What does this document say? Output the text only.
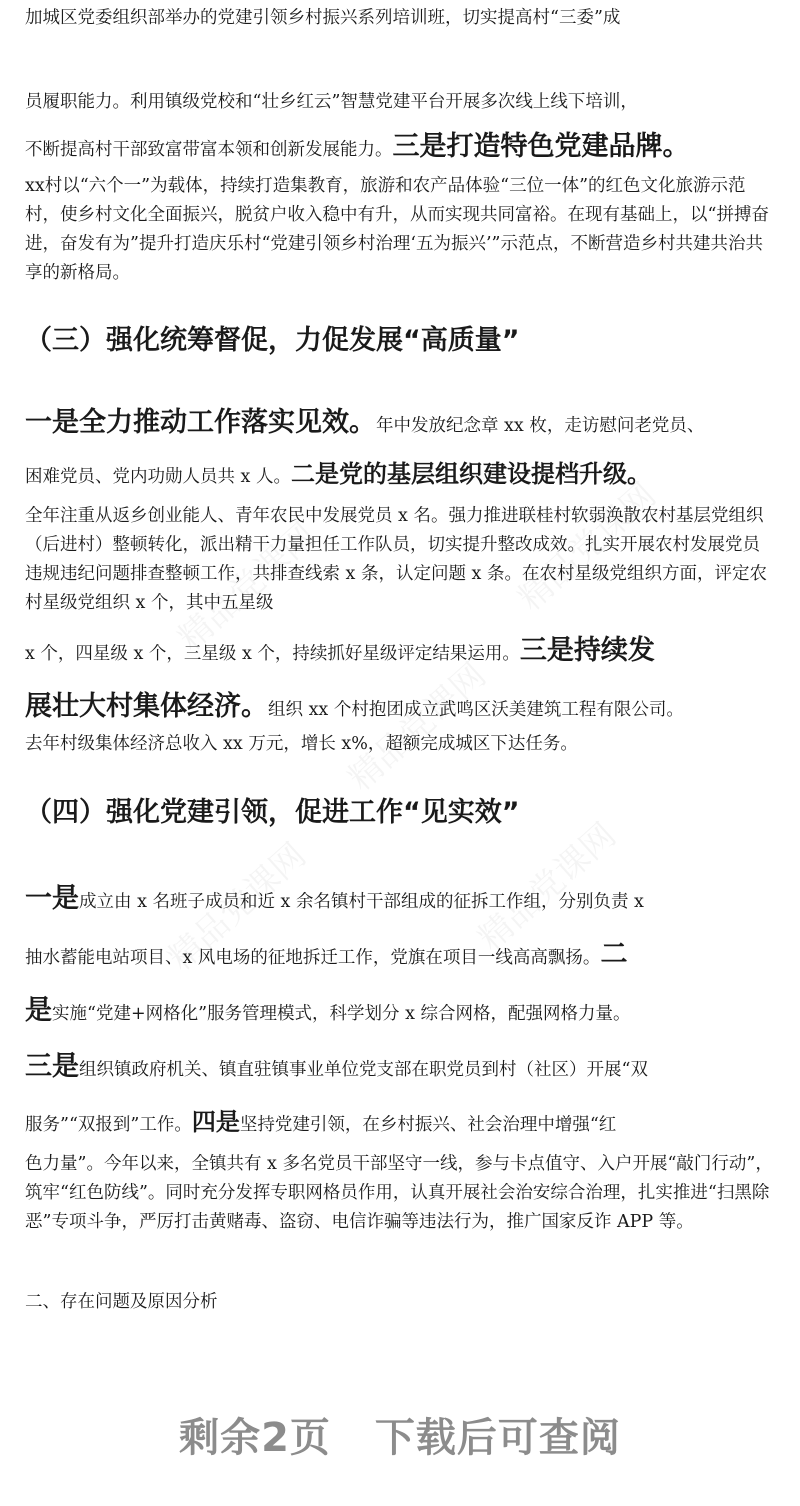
加城区党委组织部举办的党建引领乡村振兴系列培训班，切实提高村“三委”成

员履职能力。利用镇级党校和“壮乡红云”智慧党建平台开展多次线上线下培训，

不断提高村干部致富带富本领和创新发展能力。三是打造特色党建品牌。

xx村以“六个一”为载体，持续打造集教育，旅游和农产品体验“三位一体”的红色文化旅游示范村，使乡村文化全面振兴，脱贫户收入稳中有升，从而实现共同富裕。在现有基础上，以“拼搏奋进，奋发有为”提升打造庆乐村“党建引领乡村治理‘五为振兴’”示范点，不断营造乡村共建共治共享的新格局。

（三）强化统筹督促，力促发展“高质量”

一是全力推动工作落实见效。年中发放纪念章 xx 枚，走访慰问老党员、

困难党员、党内功勋人员共 x 人。二是党的基层组织建设提档升级。

全年注重从返乡创业能人、青年农民中发展党员 x 名。强力推进联桂村软弱涣散农村基层党组织（后进村）整顿转化，派出精干力量担任工作队员，切实提升整改成效。扎实开展农村发展党员违规违纪问题排查整顿工作，共排查线索 x 条，认定问题 x 条。在农村星级党组织方面，评定农村星级党组织 x 个，其中五星级

x 个，四星级 x 个，三星级 x 个，持续抓好星级评定结果运用。三是持续发

展壮大村集体经济。组织 xx 个村抱团成立武鸣区沃美建筑工程有限公司。

去年村级集体经济总收入 xx 万元，增长 x%，超额完成城区下达任务。

（四）强化党建引领，促进工作“见实效”

一是成立由 x 名班子成员和近 x 余名镇村干部组成的征拆工作组，分别负责 x

抽水蓄能电站项目、x 风电场的征地拆迁工作，党旗在项目一线高高飘扬。二

是实施“党建+网格化”服务管理模式，科学划分 x 综合网格，配强网格力量。

三是组织镇政府机关、镇直驻镇事业单位党支部在职党员到村（社区）开展“双

服务”“双报到”工作。四是坚持党建引领，在乡村振兴、社会治理中增强“红

色力量”。今年以来，全镇共有 x 多名党员干部坚守一线，参与卡点值守、入户开展“敲门行动”，筑牢“红色防线”。同时充分发挥专职网格员作用，认真开展社会治安综合治理，扎实推进“扫黑除恶”专项斗争，严厉打击黄赌毒、盗窃、电信诈骗等违法行为，推广国家反诈 APP 等。

二、存在问题及原因分析

剩余2页 下载后可查阅
